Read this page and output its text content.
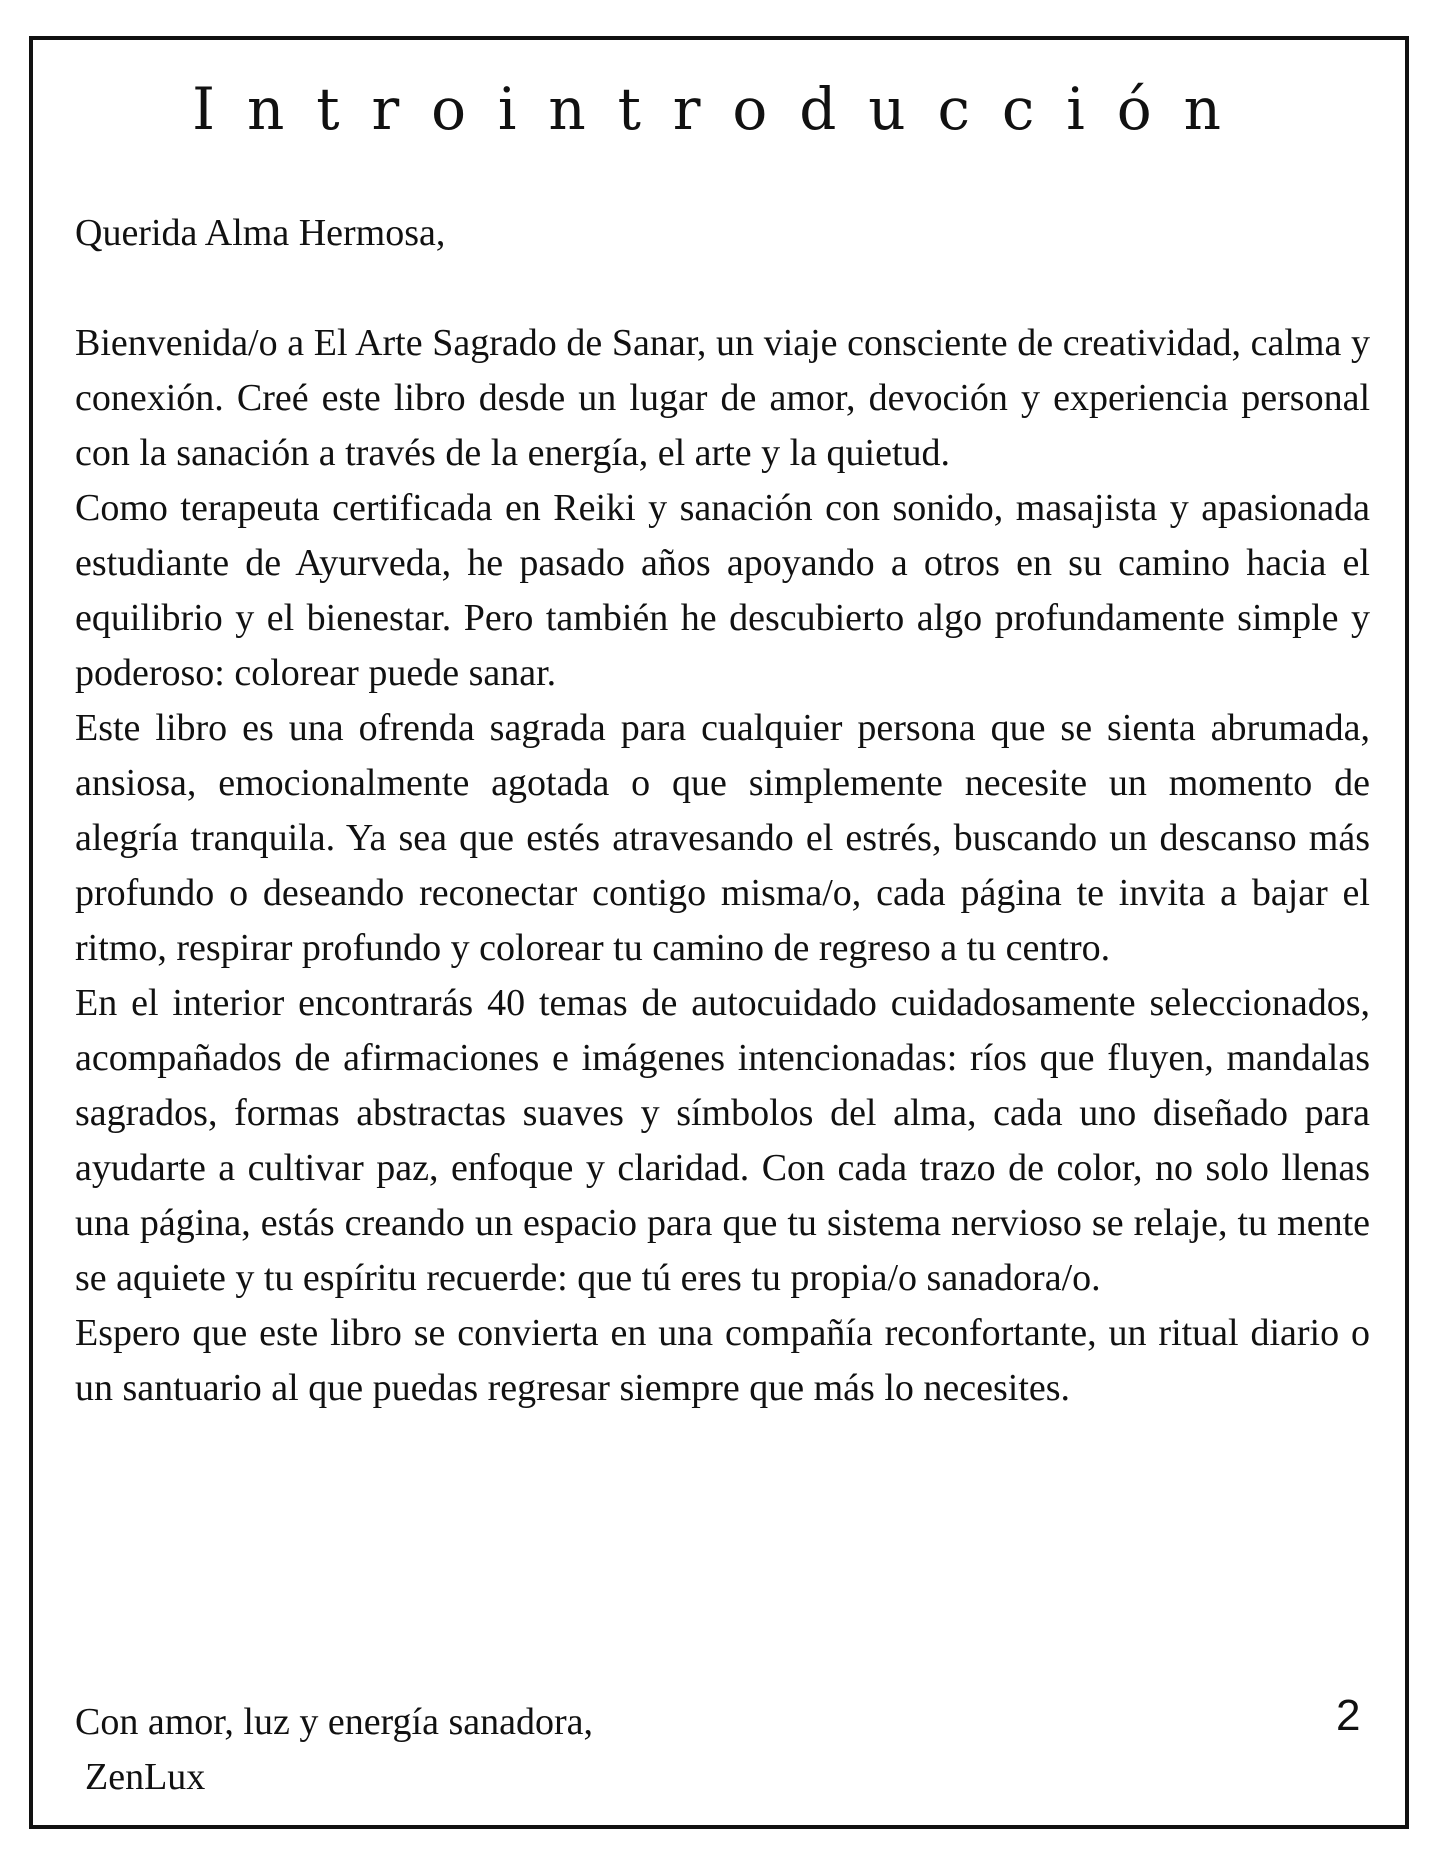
Introintroducción

Querida Alma Hermosa,

Bienvenida/o a El Arte Sagrado de Sanar, un viaje consciente de creatividad, calma y conexión. Creé este libro desde un lugar de amor, devoción y experiencia personal con la sanación a través de la energía, el arte y la quietud.

Como terapeuta certificada en Reiki y sanación con sonido, masajista y apasionada estudiante de Ayurveda, he pasado años apoyando a otros en su camino hacia el equilibrio y el bienestar. Pero también he descubierto algo profundamente simple y poderoso: colorear puede sanar.

Este libro es una ofrenda sagrada para cualquier persona que se sienta abrumada, ansiosa, emocionalmente agotada o que simplemente necesite un momento de alegría tranquila. Ya sea que estés atravesando el estrés, buscando un descanso más profundo o deseando reconectar contigo misma/o, cada página te invita a bajar el ritmo, respirar profundo y colorear tu camino de regreso a tu centro.

En el interior encontrarás 40 temas de autocuidado cuidadosamente seleccionados, acompañados de afirmaciones e imágenes intencionadas: ríos que fluyen, mandalas sagrados, formas abstractas suaves y símbolos del alma, cada uno diseñado para ayudarte a cultivar paz, enfoque y claridad. Con cada trazo de color, no solo llenas una página, estás creando un espacio para que tu sistema nervioso se relaje, tu mente se aquiete y tu espíritu recuerde: que tú eres tu propia/o sanadora/o.

Espero que este libro se convierta en una compañía reconfortante, un ritual diario o un santuario al que puedas regresar siempre que más lo necesites.

Con amor, luz y energía sanadora,
ZenLux
2
